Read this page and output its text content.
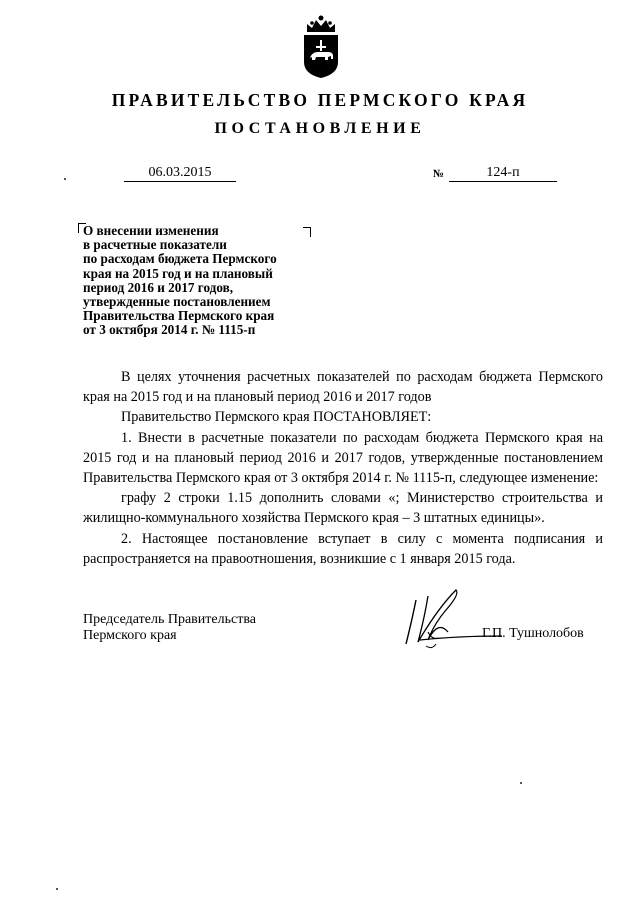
ПРАВИТЕЛЬСТВО ПЕРМСКОГО КРАЯ
ПОСТАНОВЛЕНИЕ
06.03.2015	№	124-п
О внесении изменения
в расчетные показатели
по расходам бюджета Пермского
края на 2015 год и на плановый
период 2016 и 2017 годов,
утвержденные постановлением
Правительства Пермского края
от 3 октября 2014 г. № 1115-п

В целях уточнения расчетных показателей по расходам бюджета Пермского края на 2015 год и на плановый период 2016 и 2017 годов

Правительство Пермского края ПОСТАНОВЛЯЕТ:

1. Внести в расчетные показатели по расходам бюджета Пермского края на 2015 год и на плановый период 2016 и 2017 годов, утвержденные постановлением Правительства Пермского края от 3 октября 2014 г. № 1115-п, следующее изменение:

графу 2 строки 1.15 дополнить словами «; Министерство строительства и жилищно-коммунального хозяйства Пермского края – 3 штатных единицы».

2. Настоящее постановление вступает в силу с момента подписания и распространяется на правоотношения, возникшие с 1 января 2015 года.

Председатель Правительства
Пермского края	Г.П. Тушнолобов
